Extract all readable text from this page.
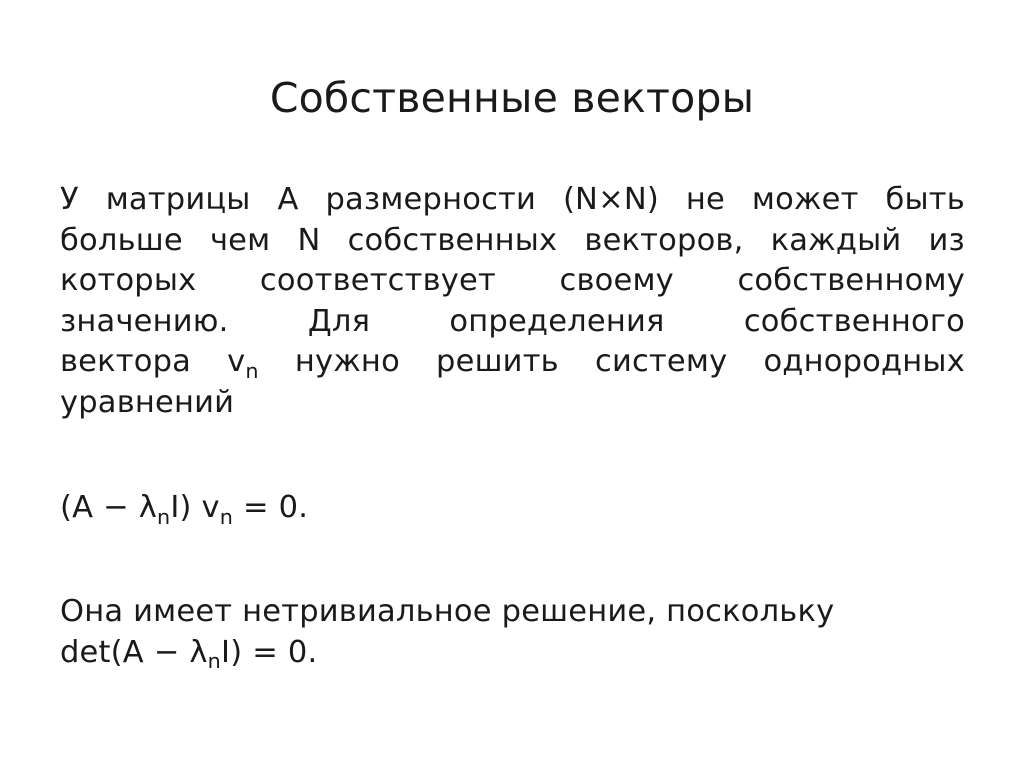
Собственные векторы
У матрицы А размерности (N×N) не может быть
больше чем N собственных векторов, каждый из
которых соответствует своему собственному
значению.	Для	определения	собственного
вектора $v_n$ нужно решить систему однородных
уравнений
$(A - \lambda_nI)$ $v_n = 0$.
Она имеет нетривиальное решение, поскольку
$\det(A - \lambda_nI) = 0$.
